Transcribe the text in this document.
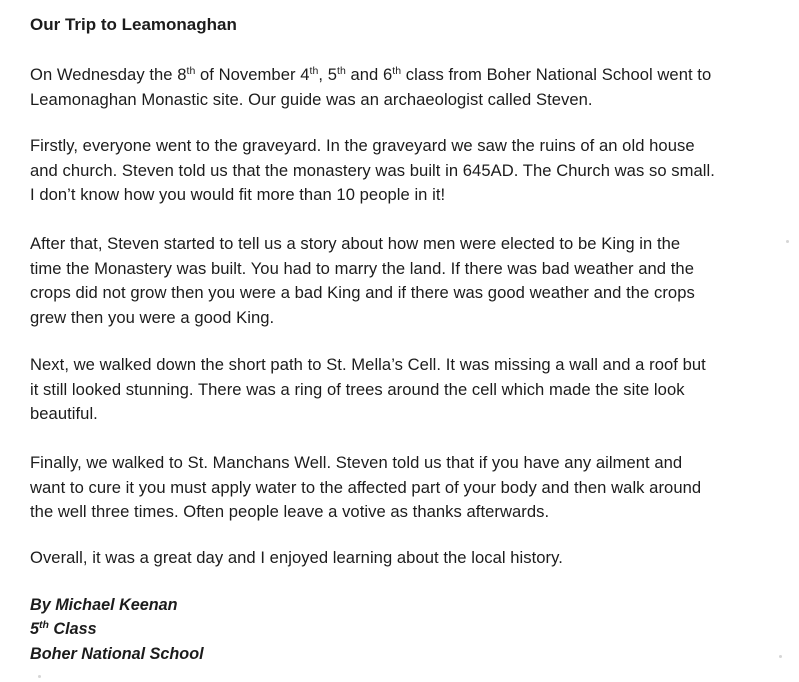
Our Trip to Leamonaghan

On Wednesday the 8th of November 4th, 5th and 6th class from Boher National School went to
Leamonaghan Monastic site. Our guide was an archaeologist called Steven.

Firstly, everyone went to the graveyard. In the graveyard we saw the ruins of an old house
and church. Steven told us that the monastery was built in 645AD. The Church was so small.
I don’t know how you would fit more than 10 people in it!

After that, Steven started to tell us a story about how men were elected to be King in the
time the Monastery was built. You had to marry the land. If there was bad weather and the
crops did not grow then you were a bad King and if there was good weather and the crops
grew then you were a good King.

Next, we walked down the short path to St. Mella’s Cell. It was missing a wall and a roof but
it still looked stunning. There was a ring of trees around the cell which made the site look
beautiful.

Finally, we walked to St. Manchans Well. Steven told us that if you have any ailment and
want to cure it you must apply water to the affected part of your body and then walk around
the well three times. Often people leave a votive as thanks afterwards.

Overall, it was a great day and I enjoyed learning about the local history.

By Michael Keenan
5th Class
Boher National School
